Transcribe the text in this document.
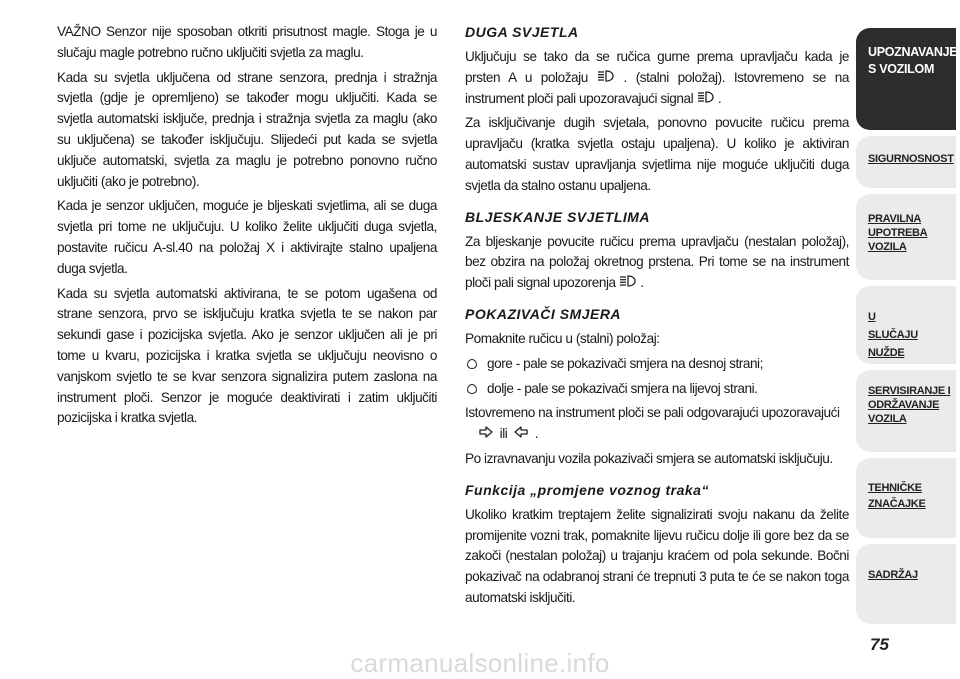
VAŽNO Senzor nije sposoban otkriti prisutnost magle. Stoga je u slučaju magle potrebno ručno uključiti svjetla za maglu.

Kada su svjetla uključena od strane senzora, prednja i stražnja svjetla (gdje je opremljeno) se također mogu uključiti. Kada se svjetla automatski isključe, prednja i stražnja svjetla za maglu (ako su uključena) se također isključuju. Slijedeći put kada se svjetla uključe automatski, svjetla za maglu je potrebno ponovno ručno uključiti (ako je potrebno).

Kada je senzor uključen, moguće je bljeskati svjetlima, ali se duga svjetla pri tome ne uključuju. U koliko želite uključiti duga svjetla, postavite ručicu A-sl.40 na položaj X i aktivirajte stalno upaljena duga svjetla.

Kada su svjetla automatski aktivirana, te se potom ugašena od strane senzora, prvo se isključuju kratka svjetla te se nakon par sekundi gase i pozicijska svjetla. Ako je senzor uključen ali je pri tome u kvaru, pozicijska i kratka svjetla se uključuju neovisno o vanjskom svjetlo te se kvar senzora signalizira putem zaslona na instrument ploči. Senzor je moguće deaktivirati i zatim uključiti pozicijska i kratka svjetla.

DUGA SVJETLA

Uključuju se tako da se ručica gurne prema upravljaču kada je prsten A u položaju	. (stalni položaj). Istovremeno se na instrument ploči pali upozoravajući signal .

Za isključivanje dugih svjetala, ponovno povucite ručicu prema upravljaču (kratka svjetla ostaju upaljena). U koliko je aktiviran automatski sustav upravljanja svjetlima nije moguće uključiti duga svjetla da stalno ostanu upaljena.

BLJESKANJE SVJETLIMA

Za bljeskanje povucite ručicu prema upravljaču (nestalan položaj), bez obzira na položaj okretnog prstena. Pri tome se na instrument ploči pali signal upozorenja .

POKAZIVAČI SMJERA

Pomaknite ručicu u (stalni) položaj:

gore - pale se pokazivači smjera na desnoj strani;
dolje - pale se pokazivači smjera na lijevoj strani.

Istovremeno na instrument ploči se pali odgovarajući upozoravajući

ili .

Po izravnavanju vozila pokazivači smjera se automatski isključuju.

Funkcija „promjene voznog traka“

Ukoliko kratkim treptajem želite signalizirati svoju nakanu da želite promijenite vozni trak, pomaknite lijevu ručicu dolje ili gore bez da se zakoči (nestalan položaj) u trajanju kraćem od pola sekunde. Bočni pokazivač na odabranoj strani će trepnuti 3 puta te će se nakon toga automatski isključiti.

UPOZNAVANJE S VOZILOM
SIGURNOSNOST
PRAVILNA UPOTREBA VOZILA
U SLUČAJU NUŽDE
SERVISIRANJE I ODRŽAVANJE VOZILA
TEHNIČKE ZNAČAJKE
SADRŽAJ
75
carmanualsonline.info
